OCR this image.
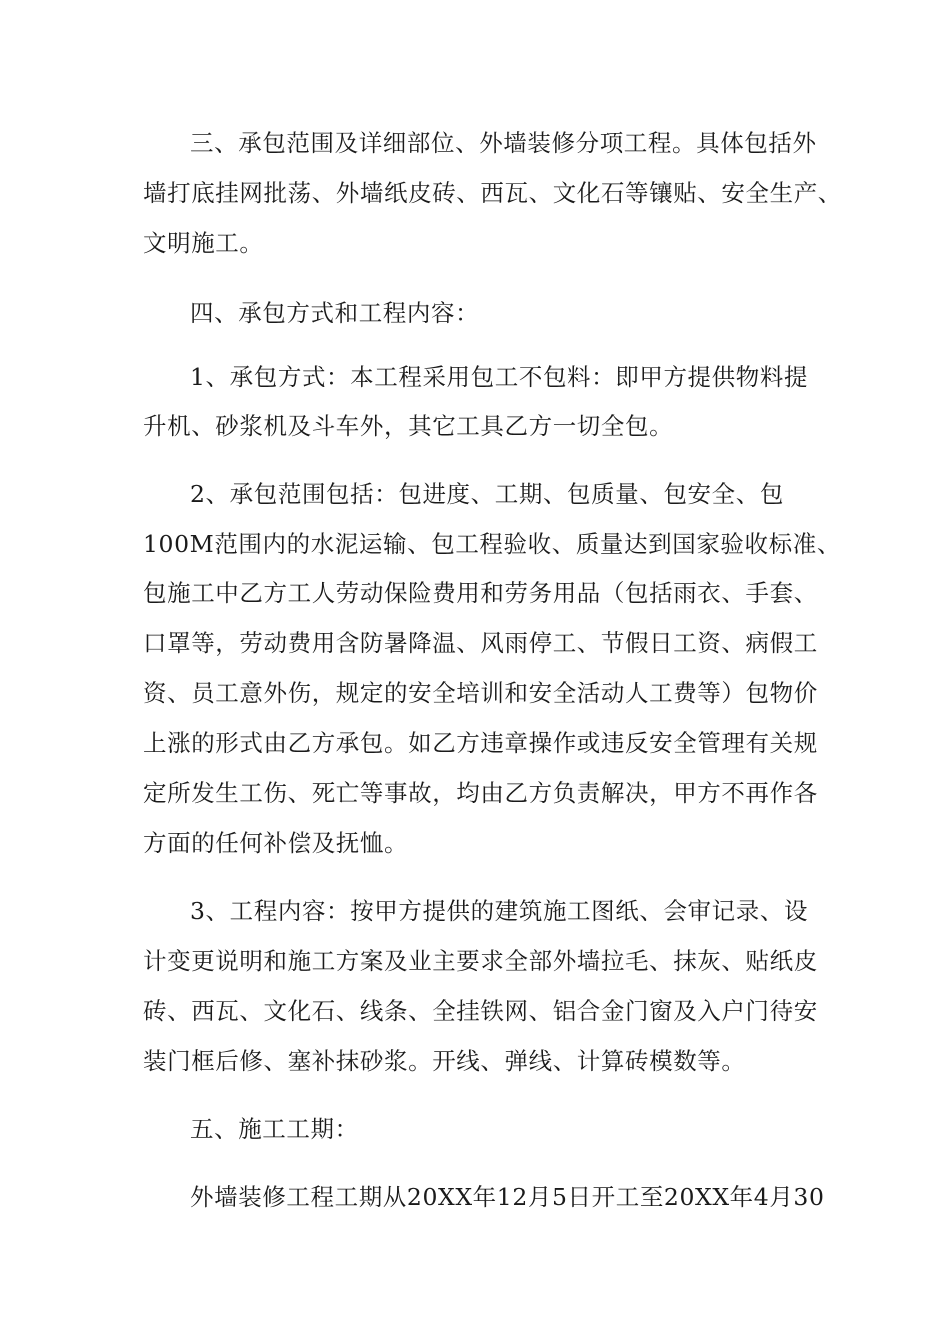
三、承包范围及详细部位、外墙装修分项工程。具体包括外
墙打底挂网批荡、外墙纸皮砖、西瓦、文化石等镶贴、安全生产、
文明施工。
四、承包方式和工程内容：
1、承包方式：本工程采用包工不包料：即甲方提供物料提
升机、砂浆机及斗车外，其它工具乙方一切全包。
2、承包范围包括：包进度、工期、包质量、包安全、包
100M范围内的水泥运输、包工程验收、质量达到国家验收标准、
包施工中乙方工人劳动保险费用和劳务用品（包括雨衣、手套、
口罩等，劳动费用含防暑降温、风雨停工、节假日工资、病假工
资、员工意外伤，规定的安全培训和安全活动人工费等）包物价
上涨的形式由乙方承包。如乙方违章操作或违反安全管理有关规
定所发生工伤、死亡等事故，均由乙方负责解决，甲方不再作各
方面的任何补偿及抚恤。
3、工程内容：按甲方提供的建筑施工图纸、会审记录、设
计变更说明和施工方案及业主要求全部外墙拉毛、抹灰、贴纸皮
砖、西瓦、文化石、线条、全挂铁网、铝合金门窗及入户门待安
装门框后修、塞补抹砂浆。开线、弹线、计算砖模数等。
五、施工工期：
外墙装修工程工期从20XX年12月5日开工至20XX年4月30
